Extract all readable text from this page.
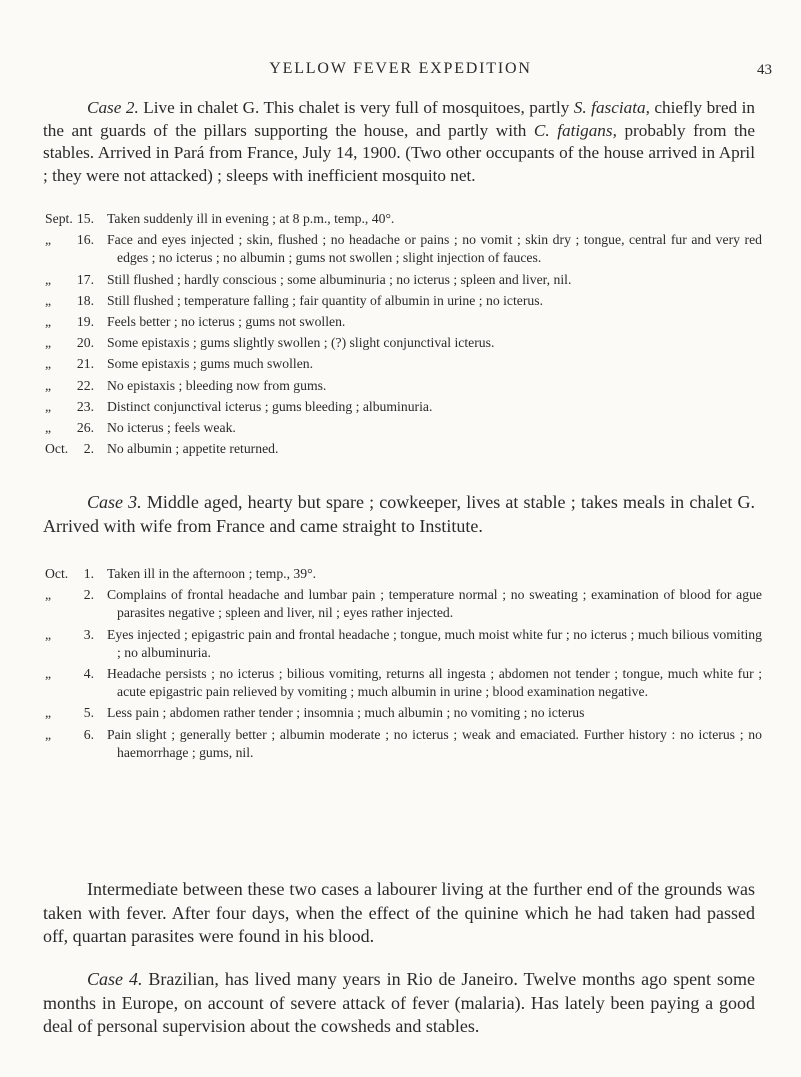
YELLOW FEVER EXPEDITION	43

Case 2. Live in chalet G. This chalet is very full of mosquitoes, partly S. fasciata, chiefly bred in the ant guards of the pillars supporting the house, and partly with C. fatigans, probably from the stables. Arrived in Pará from France, July 14, 1900. (Two other occupants of the house arrived in April ; they were not attacked) ; sleeps with inefficient mosquito net.

Sept. 15. Taken suddenly ill in evening ; at 8 p.m., temp., 40°.
„	16. Face and eyes injected ; skin, flushed ; no headache or pains ; no vomit ; skin dry ; tongue, central fur and very red edges ; no icterus ; no albumin ; gums not swollen ; slight injection of fauces.
„	17. Still flushed ; hardly conscious ; some albuminuria ; no icterus ; spleen and liver, nil.
„	18. Still flushed ; temperature falling ; fair quantity of albumin in urine ; no icterus.
„	19. Feels better ; no icterus ; gums not swollen.
„	20. Some epistaxis ; gums slightly swollen ; (?) slight conjunctival icterus.
„	21. Some epistaxis ; gums much swollen.
„	22. No epistaxis ; bleeding now from gums.
„	23. Distinct conjunctival icterus ; gums bleeding ; albuminuria.
„	26. No icterus ; feels weak.
Oct.	2. No albumin ; appetite returned.

Case 3. Middle aged, hearty but spare ; cowkeeper, lives at stable ; takes meals in chalet G. Arrived with wife from France and came straight to Institute.

Oct.	1. Taken ill in the afternoon ; temp., 39°.
„	2. Complains of frontal headache and lumbar pain ; temperature normal ; no sweating ; examination of blood for ague parasites negative ; spleen and liver, nil ; eyes rather injected.
„	3. Eyes injected ; epigastric pain and frontal headache ; tongue, much moist white fur ; no icterus ; much bilious vomiting ; no albuminuria.
„	4. Headache persists ; no icterus ; bilious vomiting, returns all ingesta ; abdomen not tender ; tongue, much white fur ; acute epigastric pain relieved by vomiting ; much albumin in urine ; blood examination negative.
„	5. Less pain ; abdomen rather tender ; insomnia ; much albumin ; no vomiting ; no icterus
„	6. Pain slight ; generally better ; albumin moderate ; no icterus ; weak and emaciated. Further history : no icterus ; no haemorrhage ; gums, nil.

Intermediate between these two cases a labourer living at the further end of the grounds was taken with fever. After four days, when the effect of the quinine which he had taken had passed off, quartan parasites were found in his blood.

Case 4. Brazilian, has lived many years in Rio de Janeiro. Twelve months ago spent some months in Europe, on account of severe attack of fever (malaria). Has lately been paying a good deal of personal supervision about the cowsheds and stables.
